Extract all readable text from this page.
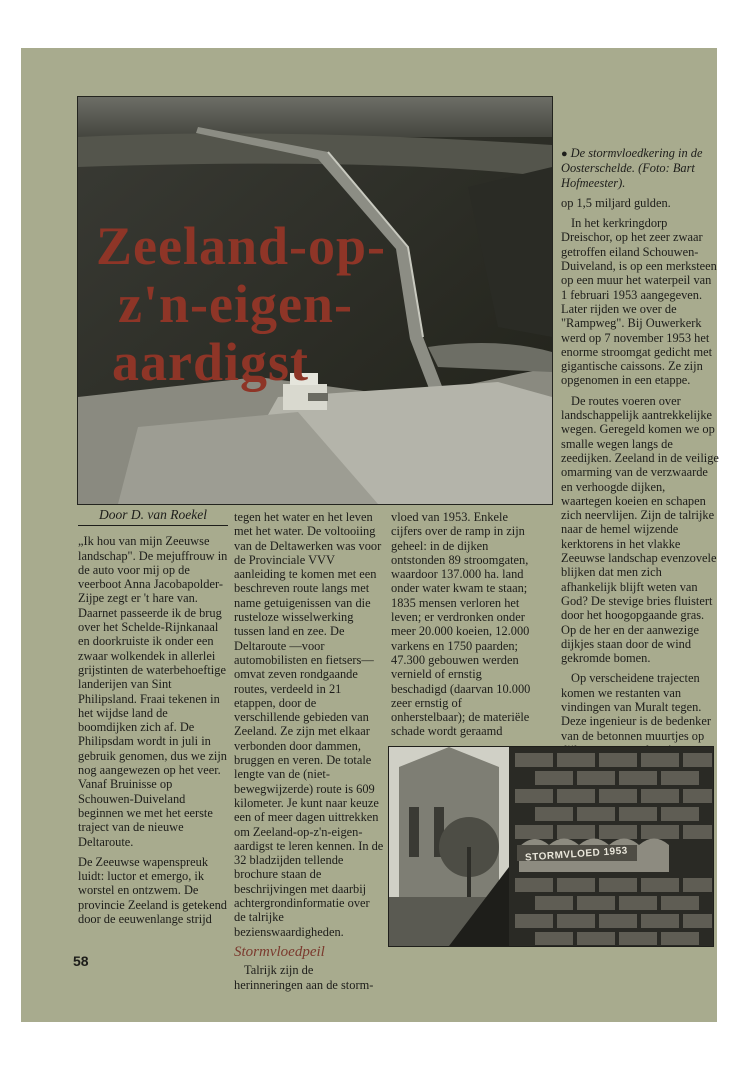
Zeeland-op-
z'n-eigen-
aardigst
Door D. van Roekel

„Ik hou van mijn Zeeuwse landschap". De mejuffrouw in de auto voor mij op de veerboot Anna Jacobapolder-Zijpe zegt er 't hare van. Daarnet passeerde ik de brug over het Schelde-Rijnkanaal en doorkruiste ik onder een zwaar wolkendek in allerlei grijstinten de waterbehoeftige landerijen van Sint Philipsland. Fraai tekenen in het wijdse land de boomdijken zich af. De Philipsdam wordt in juli in gebruik genomen, dus we zijn nog aangewezen op het veer. Vanaf Bruinisse op Schouwen-Duiveland beginnen we met het eerste traject van de nieuwe Deltaroute.

De Zeeuwse wapenspreuk luidt: luctor et emergo, ik worstel en ontzwem. De provincie Zeeland is getekend door de eeuwenlange strijd

tegen het water en het leven met het water. De voltooiing van de Deltawerken was voor de Provinciale VVV aanleiding te komen met een beschreven route langs met name getuigenissen van die rusteloze wisselwerking tussen land en zee. De Deltaroute —voor automobilisten en fietsers— omvat zeven rondgaande routes, verdeeld in 21 etappen, door de verschillende gebieden van Zeeland. Ze zijn met elkaar verbonden door dammen, bruggen en veren. De totale lengte van de (niet-bewegwijzerde) route is 609 kilometer. Je kunt naar keuze een of meer dagen uittrekken om Zeeland-op-z'n-eigen-aardigst te leren kennen. In de 32 bladzijden tellende brochure staan de beschrijvingen met daarbij achtergrondinformatie over de talrijke bezienswaardigheden.

Stormvloedpeil

Talrijk zijn de herinneringen aan de storm-

vloed van 1953. Enkele cijfers over de ramp in zijn geheel: in de dijken ontstonden 89 stroomgaten, waardoor 137.000 ha. land onder water kwam te staan; 1835 mensen verloren het leven; er verdronken onder meer 20.000 koeien, 12.000 varkens en 1750 paarden; 47.300 gebouwen werden vernield of ernstig beschadigd (daarvan 10.000 zeer ernstig of onherstelbaar); de materiële schade wordt geraamd

● De stormvloedkering in de Oosterschelde. (Foto: Bart Hofmeester).

op 1,5 miljard gulden.

In het kerkringdorp Dreischor, op het zeer zwaar getroffen eiland Schouwen-Duiveland, is op een merksteen op een muur het waterpeil van 1 februari 1953 aangegeven. Later rijden we over de "Rampweg". Bij Ouwerkerk werd op 7 november 1953 het enorme stroomgat gedicht met gigantische caissons. Ze zijn opgenomen in een etappe.

De routes voeren over landschappelijk aantrekkelijke wegen. Geregeld komen we op smalle wegen langs de zeedijken. Zeeland in de veilige omarming van de verzwaarde en verhoogde dijken, waartegen koeien en schapen zich neervlijen. Zijn de talrijke naar de hemel wijzende kerktorens in het vlakke Zeeuwse landschap evenzovele blijken dat men zich afhankelijk blijft weten van God? De stevige bries fluistert door het hoogopgaande gras. Op de her en der aanwezige dijkjes staan door de wind gekromde bomen.

Op verscheidene trajecten komen we restanten van vindingen van Muralt tegen. Deze ingenieur is de bedenker van de betonnen muurtjes op

STORMVLOED 1953
58
